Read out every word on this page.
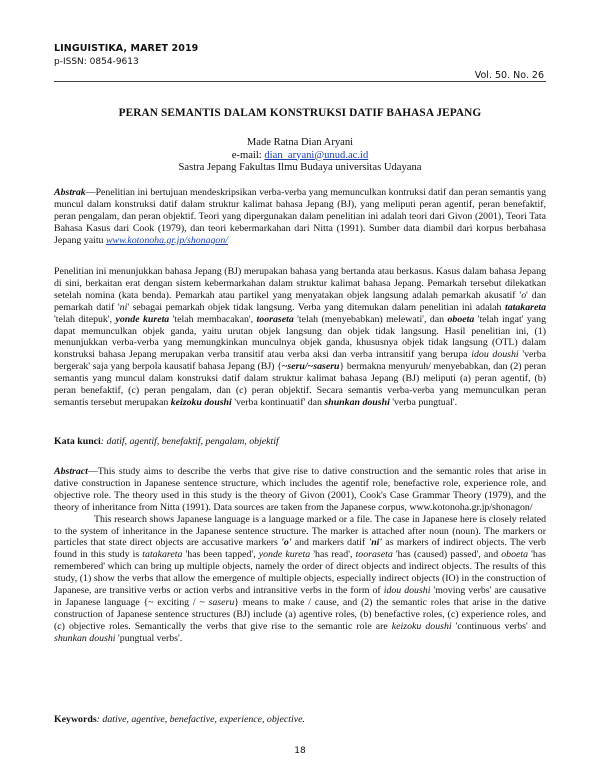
LINGUISTIKA, MARET 2019
p-ISSN: 0854-9613
Vol. 50. No. 26
PERAN SEMANTIS DALAM KONSTRUKSI DATIF BAHASA JEPANG
Made Ratna Dian Aryani
e-mail: dian_aryani@unud.ac.id
Sastra Jepang Fakultas Ilmu Budaya universitas Udayana

Abstrak—Penelitian ini bertujuan mendeskripsikan verba-verba yang memunculkan kontruksi datif dan peran semantis yang muncul dalam konstruksi datif dalam struktur kalimat bahasa Jepang (BJ), yang meliputi peran agentif, peran benefaktif, peran pengalam, dan peran objektif. Teori yang dipergunakan dalam penelitian ini adalah teori dari Givon (2001), Teori Tata Bahasa Kasus dari Cook (1979), dan teori kebermarkahan dari Nitta (1991). Sumber data diambil dari korpus berbahasa Jepang yaitu www.kotonoha.gr.jp/shonagon/

Penelitian ini menunjukkan bahasa Jepang (BJ) merupakan bahasa yang bertanda atau berkasus. Kasus dalam bahasa Jepang di sini, berkaitan erat dengan sistem kebermarkahan dalam struktur kalimat bahasa Jepang. Pemarkah tersebut dilekatkan setelah nomina (kata benda). Pemarkah atau partikel yang menyatakan objek langsung adalah pemarkah akusatif 'o' dan pemarkah datif 'ni' sebagai pemarkah objek tidak langsung. Verba yang ditemukan dalam penelitian ini adalah tatakareta 'telah ditepuk', yonde kureta 'telah membacakan', tooraseta 'telah (menyebabkan) melewati', dan oboeta 'telah ingat' yang dapat memunculkan objek ganda, yaitu urutan objek langsung dan objek tidak langsung. Hasil penelitian ini, (1) menunjukkan verba-verba yang memungkinkan munculnya objek ganda, khususnya objek tidak langsung (OTL) dalam konstruksi bahasa Jepang merupakan verba transitif atau verba aksi dan verba intransitif yang berupa idou doushi 'verba bergerak' saja yang berpola kausatif bahasa Jepang (BJ) {~seru/~saseru} bermakna menyuruh/ menyebabkan, dan (2) peran semantis yang muncul dalam konstruksi datif dalam struktur kalimat bahasa Jepang (BJ) meliputi (a) peran agentif, (b) peran benefaktif, (c) peran pengalam, dan (c) peran objektif. Secara semantis verba-verba yang memunculkan peran semantis tersebut merupakan keizoku doushi 'verba kontinuatif' dan shunkan doushi 'verba pungtual'.

Kata kunci: datif, agentif, benefaktif, pengalam, objektif

Abstract—This study aims to describe the verbs that give rise to dative construction and the semantic roles that arise in dative construction in Japanese sentence structure, which includes the agentif role, benefactive role, experience role, and objective role. The theory used in this study is the theory of Givon (2001), Cook's Case Grammar Theory (1979), and the theory of inheritance from Nitta (1991). Data sources are taken from the Japanese corpus, www.kotonoha.gr.jp/shonagon/

This research shows Japanese language is a language marked or a file. The case in Japanese here is closely related to the system of inheritance in the Japanese sentence structure. The marker is attached after noun (noun). The markers or particles that state direct objects are accusative markers 'o' and markers datif 'ni' as markers of indirect objects. The verb found in this study is tatakareta 'has been tapped', yonde kureta 'has read', tooraseta 'has (caused) passed', and oboeta 'has remembered' which can bring up multiple objects, namely the order of direct objects and indirect objects. The results of this study, (1) show the verbs that allow the emergence of multiple objects, especially indirect objects (IO) in the construction of Japanese, are transitive verbs or action verbs and intransitive verbs in the form of idou doushi 'moving verbs' are causative in Japanese language {~ exciting / ~ saseru} means to make / cause, and (2) the semantic roles that arise in the dative construction of Japanese sentence structures (BJ) include (a) agentive roles, (b) benefactive roles, (c) experience roles, and (c) objective roles. Semantically the verbs that give rise to the semantic role are keizoku doushi 'continuous verbs' and shunkan doushi 'pungtual verbs'.

Keywords: dative, agentive, benefactive, experience, objective.

18
